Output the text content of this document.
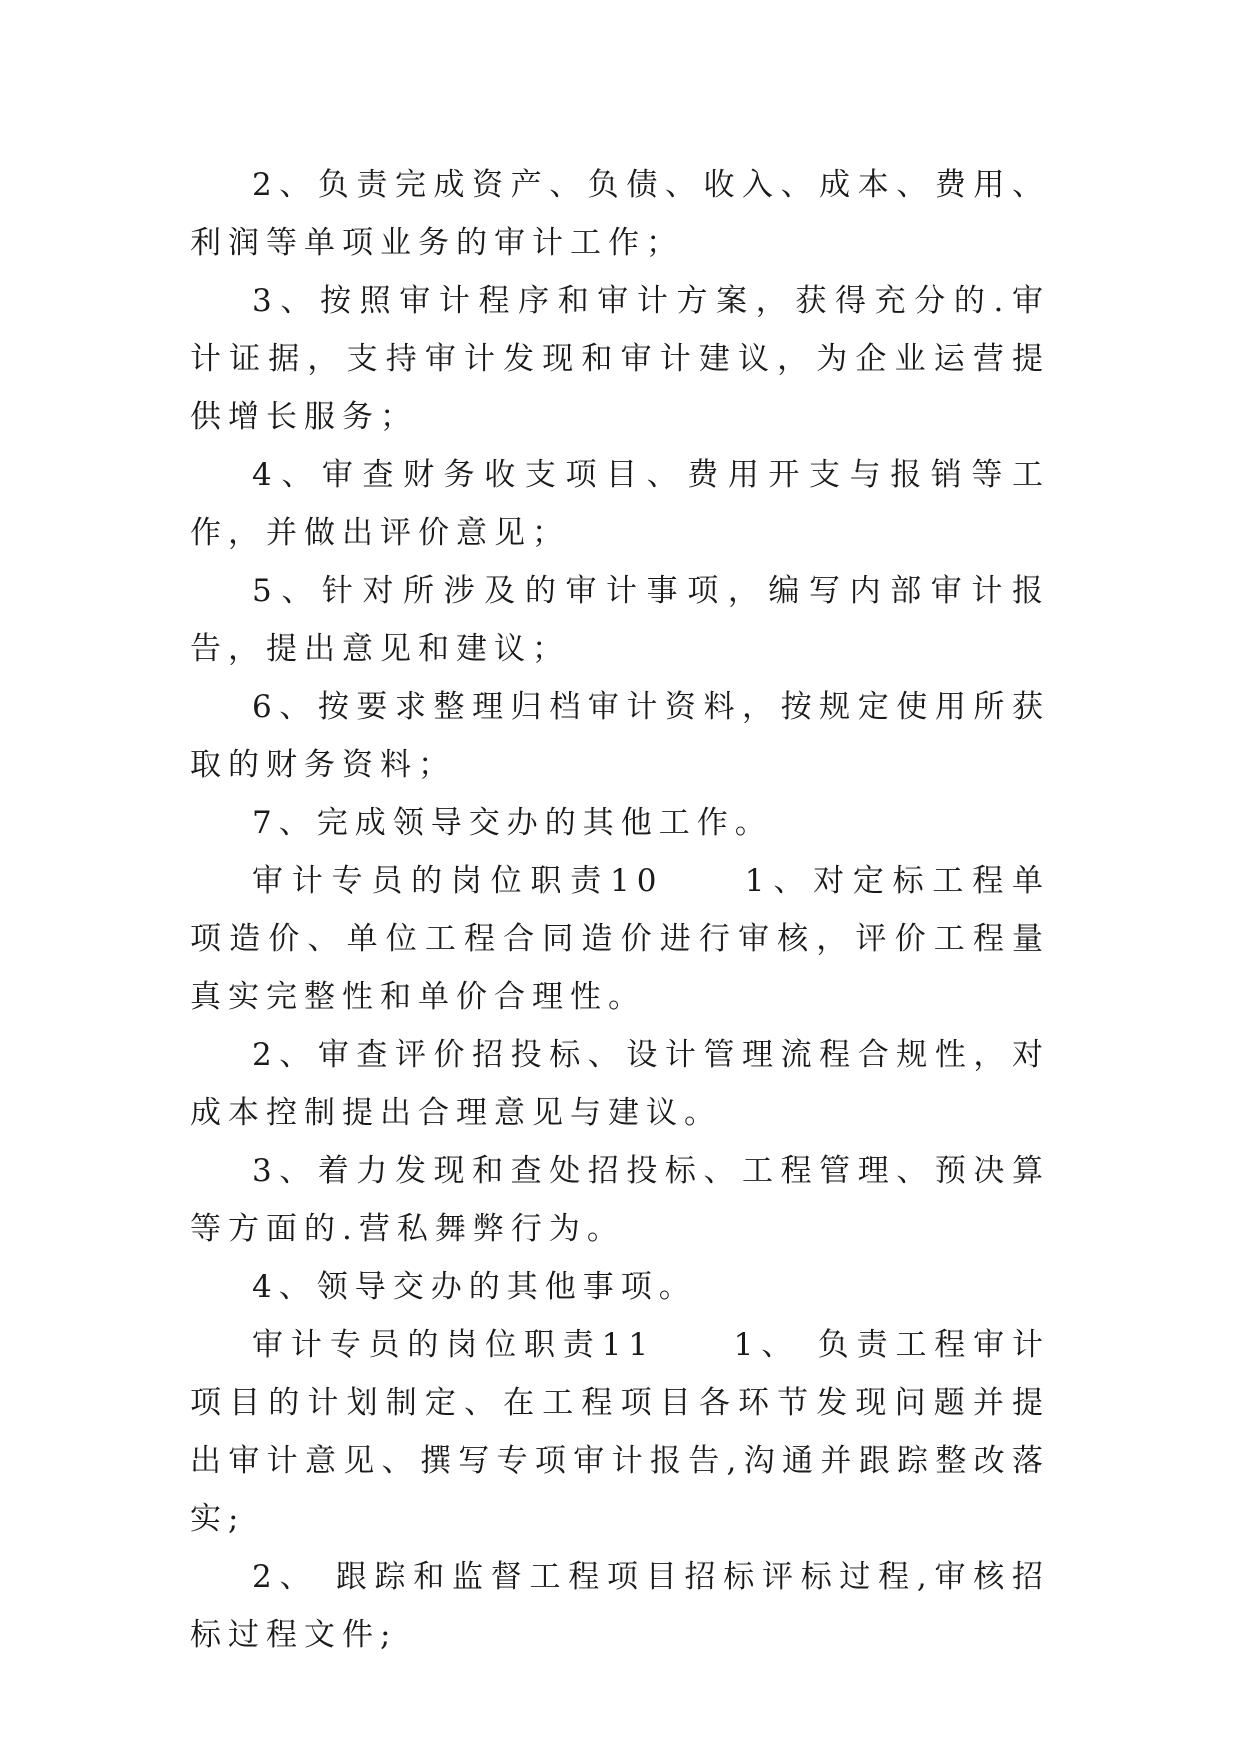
2、负责完成资产、负债、收入、成本、费用、利润等单项业务的审计工作；

3、按照审计程序和审计方案，获得充分的.审计证据，支持审计发现和审计建议，为企业运营提供增长服务；

4、审查财务收支项目、费用开支与报销等工作，并做出评价意见；

5、针对所涉及的审计事项，编写内部审计报告，提出意见和建议；

6、按要求整理归档审计资料，按规定使用所获取的财务资料；

7、完成领导交办的其他工作。

审计专员的岗位职责10　　1、对定标工程单项造价、单位工程合同造价进行审核，评价工程量真实完整性和单价合理性。

2、审查评价招投标、设计管理流程合规性，对成本控制提出合理意见与建议。

3、着力发现和查处招投标、工程管理、预决算等方面的.营私舞弊行为。

4、领导交办的其他事项。

审计专员的岗位职责11　　1、 负责工程审计项目的计划制定、在工程项目各环节发现问题并提出审计意见、撰写专项审计报告,沟通并跟踪整改落实;

2、 跟踪和监督工程项目招标评标过程,审核招标过程文件;
